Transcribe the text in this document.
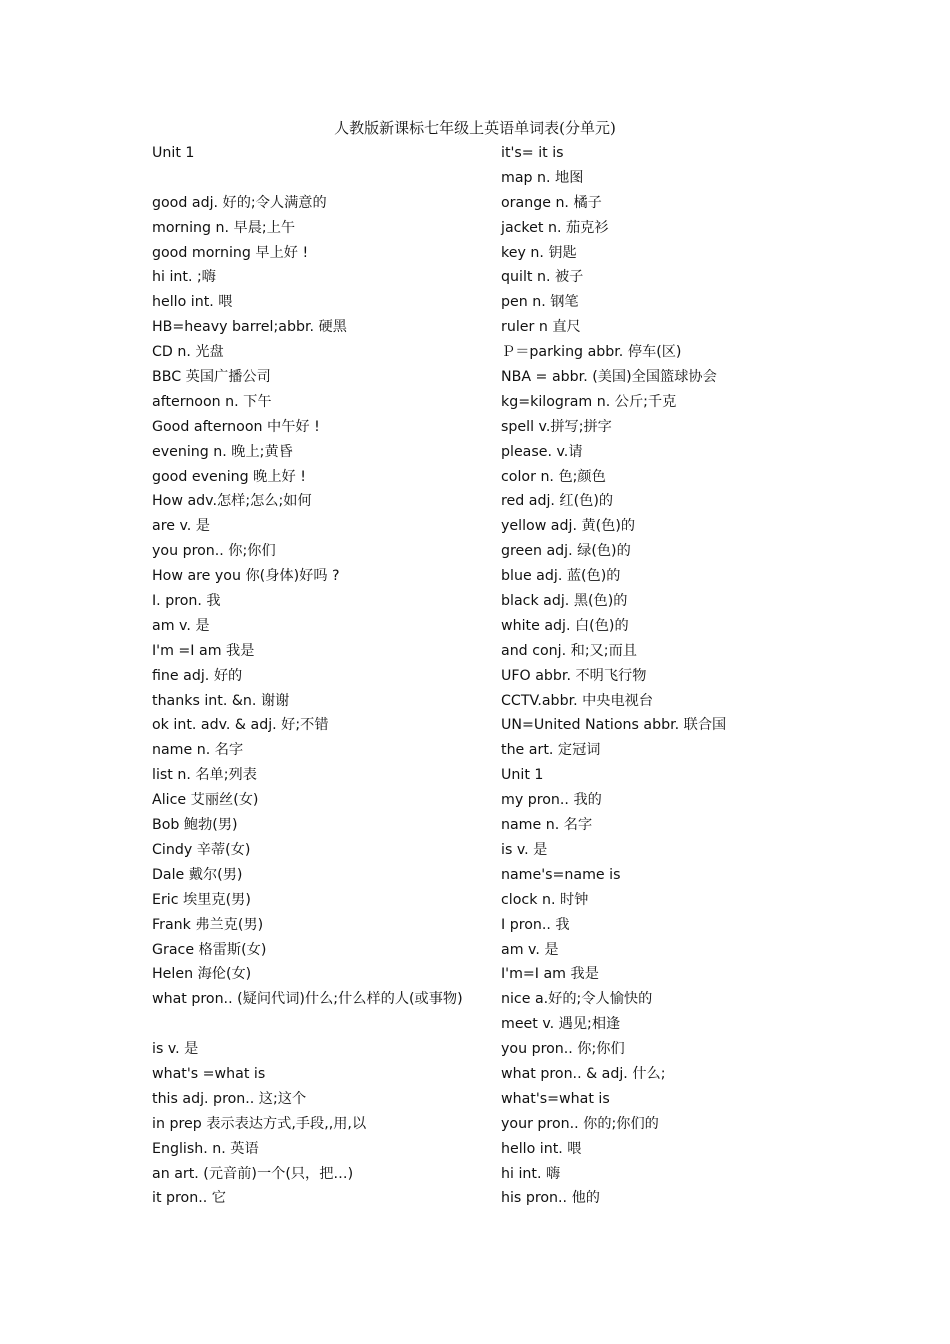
人教版新课标七年级上英语单词表(分单元)
Unit 1
good adj. 好的;令人满意的
morning n. 早晨;上午
good morning 早上好 !
hi int. ;嗨
hello int. 喂
HB=heavy barrel;abbr. 硬黑
CD n. 光盘
BBC 英国广播公司
afternoon n. 下午
Good afternoon 中午好 !
evening n. 晚上;黄昏
good evening 晚上好 !
How adv.怎样;怎么;如何
are v. 是
you pron.. 你;你们
How are you 你(身体)好吗 ?
I. pron. 我
am v. 是
I'm =I am 我是
fine adj. 好的
thanks int. &n. 谢谢
ok int. adv. & adj. 好;不错
name n. 名字
list n. 名单;列表
Alice 艾丽丝(女)
Bob 鲍勃(男)
Cindy 辛蒂(女)
Dale 戴尔(男)
Eric 埃里克(男)
Frank 弗兰克(男)
Grace 格雷斯(女)
Helen 海伦(女)
what pron.. (疑问代词)什么;什么样的人(或事物)
is v. 是
what's =what is
this adj. pron.. 这;这个
in prep 表示表达方式,手段,,用,以
English. n. 英语
an art. (元音前)一个(只，把…)
it pron.. 它
it's= it is
map n. 地图
orange n. 橘子
jacket n. 茄克衫
key n. 钥匙
quilt n. 被子
pen n. 钢笔
ruler n 直尺
Ｐ＝parking abbr. 停车(区)
NBA = abbr. (美国)全国篮球协会
kg=kilogram n. 公斤;千克
spell v.拼写;拼字
please. v.请
color n. 色;颜色
red adj. 红(色)的
yellow adj. 黄(色)的
green adj. 绿(色)的
blue adj. 蓝(色)的
black adj. 黑(色)的
white adj. 白(色)的
and conj. 和;又;而且
UFO abbr. 不明飞行物
CCTV.abbr. 中央电视台
UN=United Nations abbr. 联合国
the art. 定冠词
Unit 1
my pron.. 我的
name n. 名字
is v. 是
name's=name is
clock n. 时钟
I pron.. 我
am v. 是
I'm=I am 我是
nice a.好的;令人愉快的
meet v. 遇见;相逢
you pron.. 你;你们
what pron.. & adj. 什么;
what's=what is
your pron.. 你的;你们的
hello int. 喂
hi int. 嗨
his pron.. 他的
